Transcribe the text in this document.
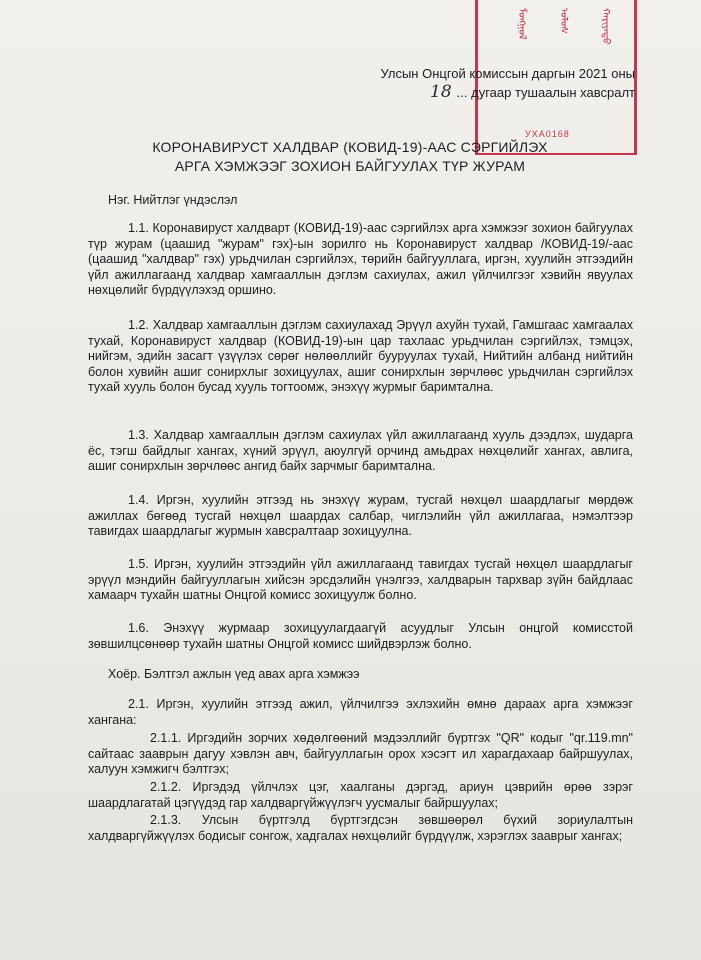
ᠮᠣᠩᠭᠣᠯ	ᠤᠯᠤᠰ	ᠬᠠᠷᠢᠶᠠᠲᠤ
УХА0168
Улсын Онцгой комиссын даргын 2021 оны
... дугаар тушаалын хавсралт
18
КОРОНАВИРУСТ ХАЛДВАР (КОВИД-19)-ААС СЭРГИЙЛЭХ
АРГА ХЭМЖЭЭГ ЗОХИОН БАЙГУУЛАХ ТҮР ЖУРАМ

Нэг. Нийтлэг үндэслэл

1.1. Коронавируст халдварт (КОВИД-19)-аас сэргийлэх арга хэмжээг зохион байгуулах түр журам (цаашид "журам" гэх)-ын зорилго нь Коронавируст халдвар /КОВИД-19/-аас (цаашид "халдвар" гэх) урьдчилан сэргийлэх, төрийн байгууллага, иргэн, хуулийн этгээдийн үйл ажиллагаанд халдвар хамгааллын дэглэм сахиулах, ажил үйлчилгээг хэвийн явуулах нөхцөлийг бүрдүүлэхэд оршино.

1.2. Халдвар хамгааллын дэглэм сахиулахад Эрүүл ахуйн тухай, Гамшгаас хамгаалах тухай, Коронавируст халдвар (КОВИД-19)-ын цар тахлаас урьдчилан сэргийлэх, тэмцэх, нийгэм, эдийн засагт үзүүлэх сөрөг нөлөөллийг бууруулах тухай, Нийтийн албанд нийтийн болон хувийн ашиг сонирхлыг зохицуулах, ашиг сонирхлын зөрчлөөс урьдчилан сэргийлэх тухай хууль болон бусад хууль тогтоомж, энэхүү журмыг баримтална.

1.3. Халдвар хамгааллын дэглэм сахиулах үйл ажиллагаанд хууль дээдлэх, шударга ёс, тэгш байдлыг хангах, хүний эрүүл, аюулгүй орчинд амьдрах нөхцөлийг хангах, авлига, ашиг сонирхлын зөрчлөөс ангид байх зарчмыг баримтална.

1.4. Иргэн, хуулийн этгээд нь энэхүү журам, тусгай нөхцөл шаардлагыг мөрдөж ажиллах бөгөөд тусгай нөхцөл шаардах салбар, чиглэлийн үйл ажиллагаа, нэмэлтээр тавигдах шаардлагыг журмын хавсралтаар зохицуулна.

1.5. Иргэн, хуулийн этгээдийн үйл ажиллагаанд тавигдах тусгай нөхцөл шаардлагыг эрүүл мэндийн байгууллагын хийсэн эрсдэлийн үнэлгээ, халдварын тархвар зүйн байдлаас хамаарч тухайн шатны Онцгой комисс зохицуулж болно.

1.6. Энэхүү журмаар зохицуулагдаагүй асуудлыг Улсын онцгой комисстой зөвшилцсөнөөр тухайн шатны Онцгой комисс шийдвэрлэж болно.

Хоёр. Бэлтгэл ажлын үед авах арга хэмжээ

2.1. Иргэн, хуулийн этгээд ажил, үйлчилгээ эхлэхийн өмнө дараах арга хэмжээг хангана:

2.1.1. Иргэдийн зорчих хөдөлгөөний мэдээллийг бүртгэх "QR" кодыг "qr.119.mn" сайтаас зааврын дагуу хэвлэн авч, байгууллагын орох хэсэгт ил харагдахаар байршуулах, халуун хэмжигч бэлтгэх;

2.1.2. Иргэдэд үйлчлэх цэг, хаалганы дэргэд, ариун цэврийн өрөө зэрэг шаардлагатай цэгүүдэд гар халдваргүйжүүлэгч уусмалыг байршуулах;

2.1.3. Улсын бүртгэлд бүртгэгдсэн зөвшөөрөл бүхий зориулалтын халдваргүйжүүлэх бодисыг сонгож, хадгалах нөхцөлийг бүрдүүлж, хэрэглэх зааврыг хангах;
